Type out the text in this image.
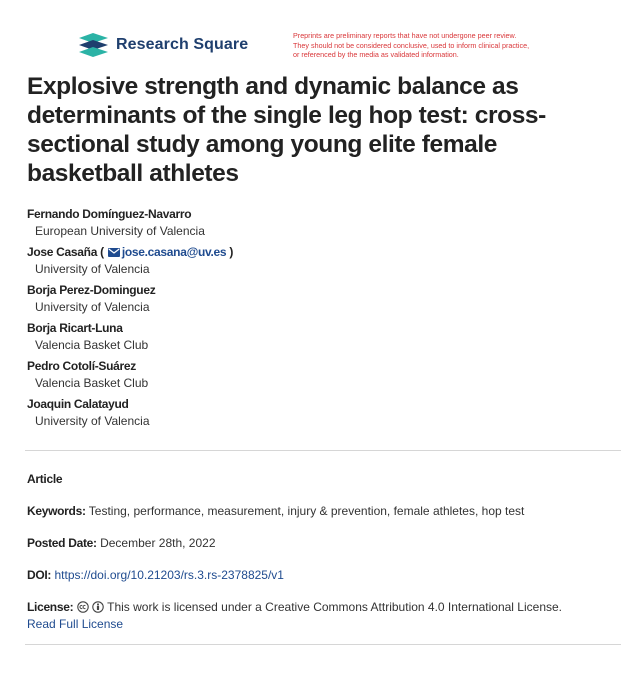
Research Square
Preprints are preliminary reports that have not undergone peer review.
They should not be considered conclusive, used to inform clinical practice,
or referenced by the media as validated information.
Explosive strength and dynamic balance as determinants of the single leg hop test: cross-sectional study among young elite female basketball athletes
Fernando Domínguez-Navarro
European University of Valencia
Jose Casaña ( jose.casana@uv.es )
University of Valencia
Borja Perez-Dominguez
University of Valencia
Borja Ricart-Luna
Valencia Basket Club
Pedro Cotolí-Suárez
Valencia Basket Club
Joaquin Calatayud
University of Valencia
Article
Keywords: Testing, performance, measurement, injury & prevention, female athletes, hop test
Posted Date: December 28th, 2022
DOI: https://doi.org/10.21203/rs.3.rs-2378825/v1
License:	This work is licensed under a Creative Commons Attribution 4.0 International License.
Read Full License
